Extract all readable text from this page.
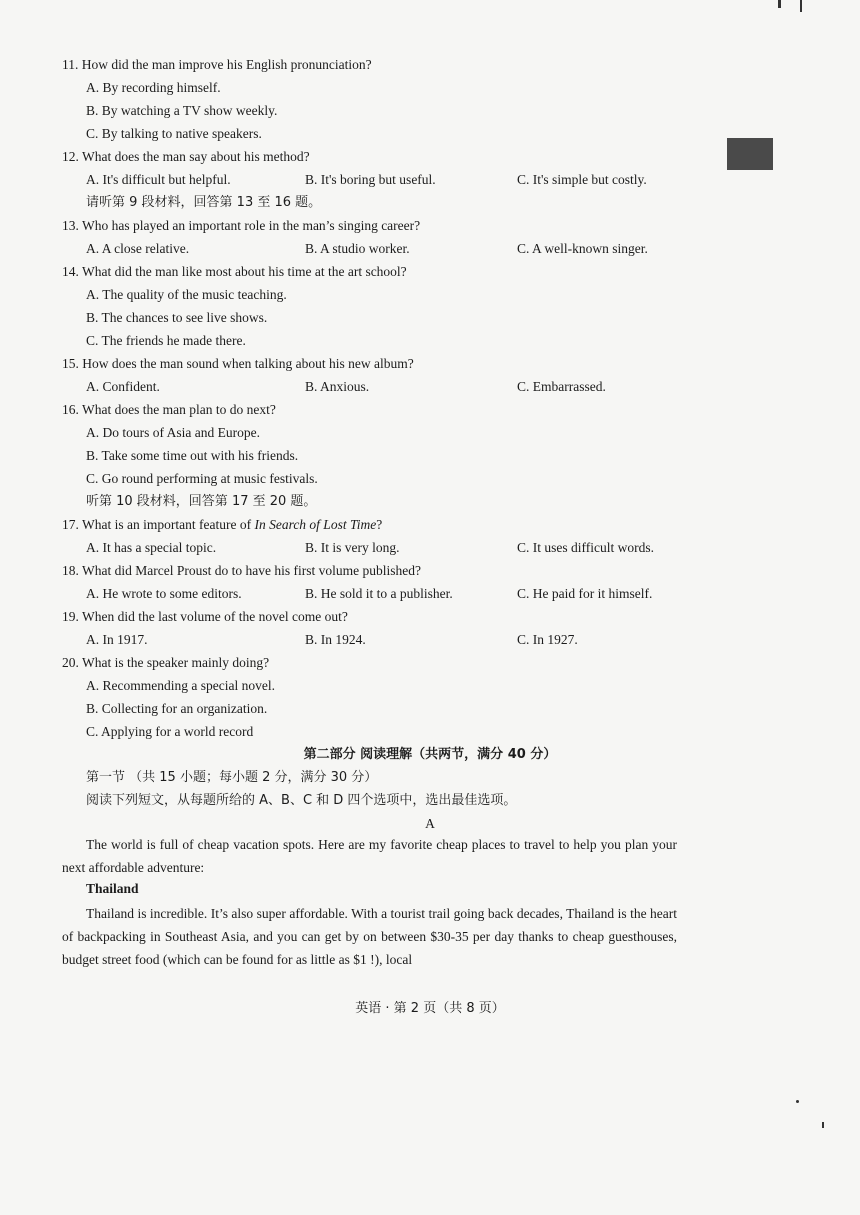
11. How did the man improve his English pronunciation?
A. By recording himself.
B. By watching a TV show weekly.
C. By talking to native speakers.
12. What does the man say about his method?
A. It's difficult but helpful.	B. It's boring but useful.	C. It's simple but costly.
请听第 9 段材料，回答第 13 至 16 题。
13. Who has played an important role in the man’s singing career?
A. A close relative.	B. A studio worker.	C. A well-known singer.
14. What did the man like most about his time at the art school?
A. The quality of the music teaching.
B. The chances to see live shows.
C. The friends he made there.
15. How does the man sound when talking about his new album?
A. Confident.	B. Anxious.	C. Embarrassed.
16. What does the man plan to do next?
A. Do tours of Asia and Europe.
B. Take some time out with his friends.
C. Go round performing at music festivals.
听第 10 段材料，回答第 17 至 20 题。
17. What is an important feature of In Search of Lost Time?
A. It has a special topic.	B. It is very long.	C. It uses difficult words.
18. What did Marcel Proust do to have his first volume published?
A. He wrote to some editors.	B. He sold it to a publisher.	C. He paid for it himself.
19. When did the last volume of the novel come out?
A. In 1917.	B. In 1924.	C. In 1927.
20. What is the speaker mainly doing?
A. Recommending a special novel.
B. Collecting for an organization.
C. Applying for a world record
第二部分 阅读理解（共两节，满分 40 分）
第一节 （共 15 小题；每小题 2 分，满分 30 分）
阅读下列短文，从每题所给的 A、B、C 和 D 四个选项中，选出最佳选项。
A
The world is full of cheap vacation spots. Here are my favorite cheap places to travel to help you plan your next affordable adventure:
Thailand
Thailand is incredible. It’s also super affordable. With a tourist trail going back decades, Thailand is the heart of backpacking in Southeast Asia, and you can get by on between $30-35 per day thanks to cheap guesthouses, budget street food (which can be found for as little as $1 !), local
英语 · 第 2 页（共 8 页）
